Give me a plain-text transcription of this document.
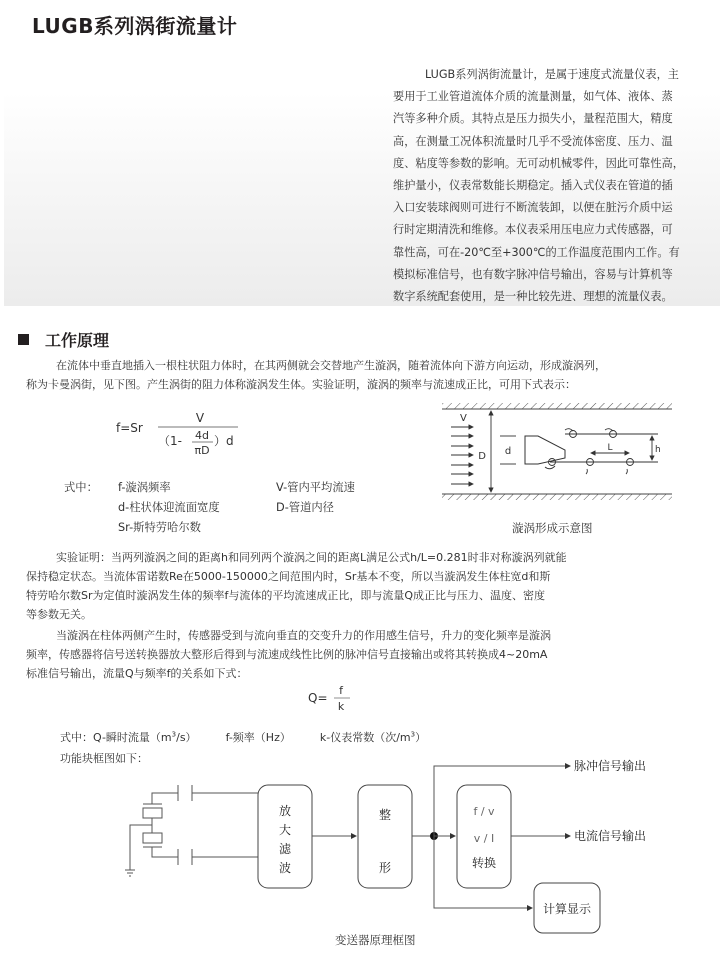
LUGB系列涡街流量计
LUGB系列涡街流量计，是属于速度式流量仪表，主
要用于工业管道流体介质的流量测量，如气体、液体、蒸
汽等多种介质。其特点是压力损失小，量程范围大，精度
高，在测量工况体积流量时几乎不受流体密度、压力、温
度、粘度等参数的影响。无可动机械零件，因此可靠性高，
维护量小，仪表常数能长期稳定。插入式仪表在管道的插
入口安装球阀则可进行不断流装卸，以便在脏污介质中运
行时定期清洗和维修。本仪表采用压电应力式传感器，可
靠性高，可在-20℃至+300℃的工作温度范围内工作。有
模拟标准信号，也有数字脉冲信号输出，容易与计算机等
数字系统配套使用，是一种比较先进、理想的流量仪表。
工作原理
在流体中垂直地插入一根柱状阻力体时，在其两侧就会交替地产生漩涡，随着流体向下游方向运动，形成漩涡列，
称为卡曼涡街，见下图。产生涡街的阻力体称漩涡发生体。实验证明，漩涡的频率与流速成正比，可用下式表示：
f=Sr
V
（1- 4d
πD
）d
式中： f-漩涡频率	V-管内平均流速
d-柱状体迎流面宽度	D-管道内径
Sr-斯特劳哈尔数
V
D d	L	h
漩涡形成示意图
实验证明：当两列漩涡之间的距离h和同列两个漩涡之间的距离L满足公式h/L=0.281时非对称漩涡列就能
保持稳定状态。当流体雷诺数Re在5000-150000之间范围内时，Sr基本不变，所以当漩涡发生体柱宽d和斯
特劳哈尔数Sr为定值时漩涡发生体的频率f与流体的平均流速成正比，即与流量Q成正比与压力、温度、密度
等参数无关。
当漩涡在柱体两侧产生时，传感器受到与流向垂直的交变升力的作用感生信号，升力的变化频率是漩涡
频率，传感器将信号送转换器放大整形后得到与流速成线性比例的脉冲信号直接输出或将其转换成4~20mA
标准信号输出，流量Q与频率f的关系如下式：
Q=
f
k
式中：Q-瞬时流量$(m^3/s)$	f-频率（Hz）	k-仪表常数（次$/m^3$）
功能块框图如下：
放
大
滤
波
整
形
f / v
v / I
转换
计算显示
脉冲信号输出
电流信号输出
变送器原理框图
